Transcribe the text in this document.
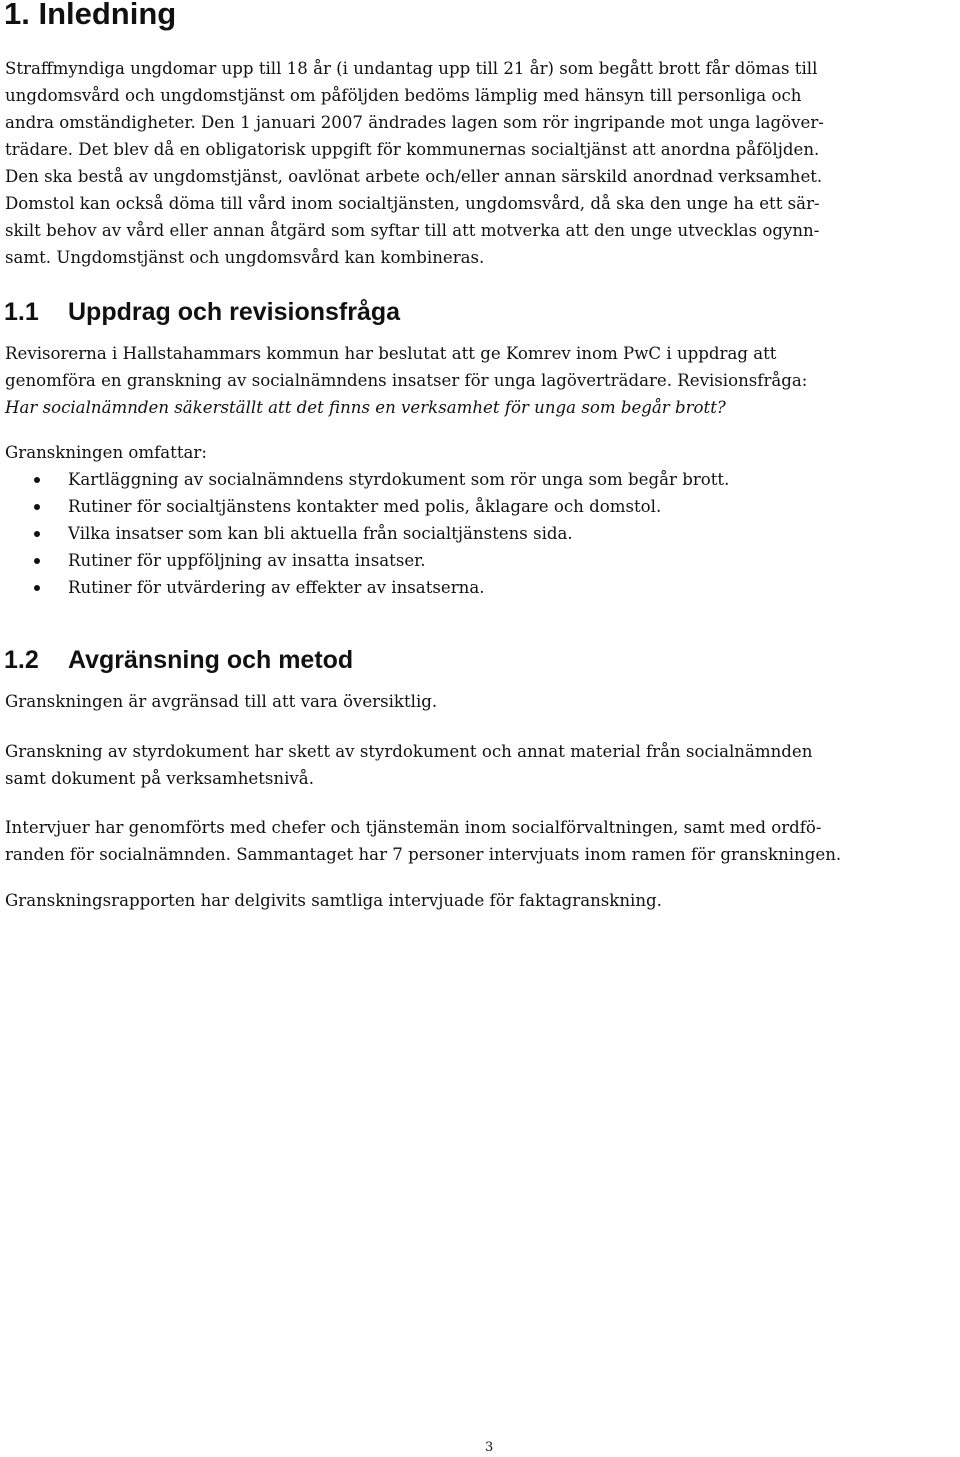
1. Inledning
Straffmyndiga ungdomar upp till 18 år (i undantag upp till 21 år) som begått brott får dömas till
ungdomsvård och ungdomstjänst om påföljden bedöms lämplig med hänsyn till personliga och
andra omständigheter. Den 1 januari 2007 ändrades lagen som rör ingripande mot unga lagöver-
trädare. Det blev då en obligatorisk uppgift för kommunernas socialtjänst att anordna påföljden.
Den ska bestå av ungdomstjänst, oavlönat arbete och/eller annan särskild anordnad verksamhet.
Domstol kan också döma till vård inom socialtjänsten, ungdomsvård, då ska den unge ha ett sär-
skilt behov av vård eller annan åtgärd som syftar till att motverka att den unge utvecklas ogynn-
samt. Ungdomstjänst och ungdomsvård kan kombineras.
1.1 Uppdrag och revisionsfråga
Revisorerna i Hallstahammars kommun har beslutat att ge Komrev inom PwC i uppdrag att
genomföra en granskning av socialnämndens insatser för unga lagöverträdare. Revisionsfråga:
Har socialnämnden säkerställt att det finns en verksamhet för unga som begår brott?
Granskningen omfattar:
Kartläggning av socialnämndens styrdokument som rör unga som begår brott.
Rutiner för socialtjänstens kontakter med polis, åklagare och domstol.
Vilka insatser som kan bli aktuella från socialtjänstens sida.
Rutiner för uppföljning av insatta insatser.
Rutiner för utvärdering av effekter av insatserna.
1.2 Avgränsning och metod
Granskningen är avgränsad till att vara översiktlig.
Granskning av styrdokument har skett av styrdokument och annat material från socialnämnden
samt dokument på verksamhetsnivå.
Intervjuer har genomförts med chefer och tjänstemän inom socialförvaltningen, samt med ordfö-
randen för socialnämnden. Sammantaget har 7 personer intervjuats inom ramen för granskningen.
Granskningsrapporten har delgivits samtliga intervjuade för faktagranskning.
3
